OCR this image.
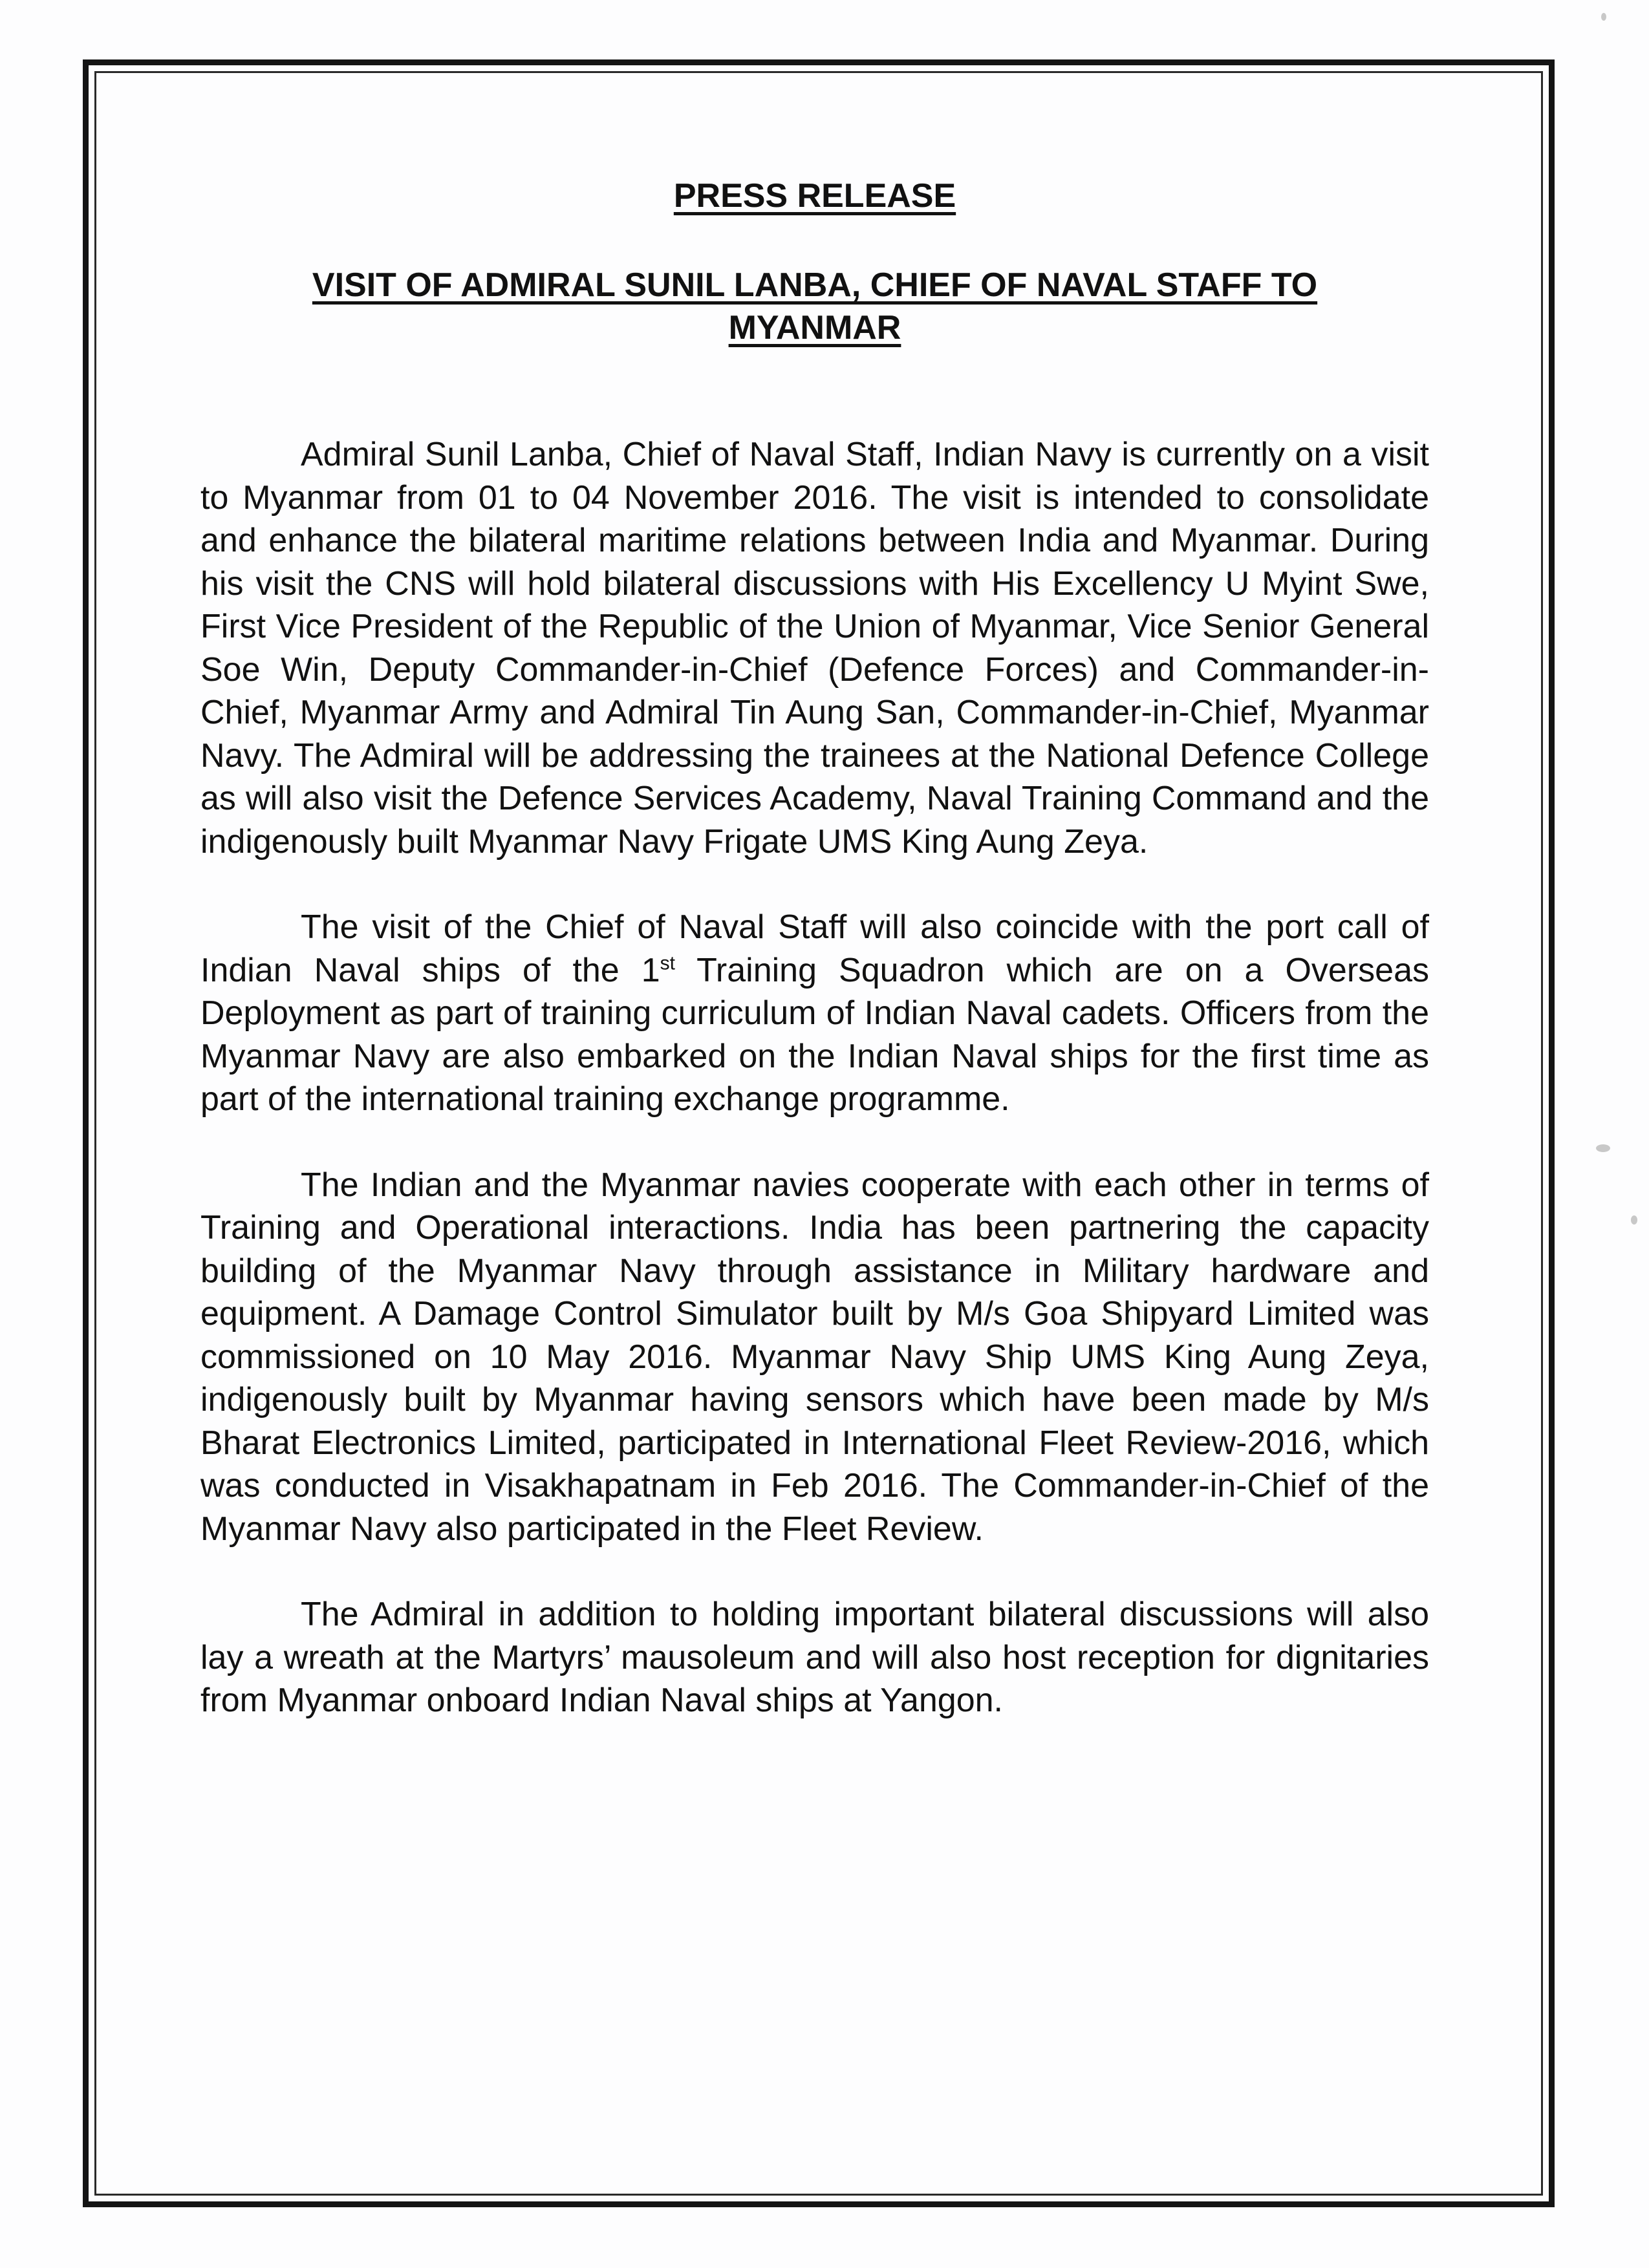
PRESS RELEASE
VISIT OF ADMIRAL SUNIL LANBA, CHIEF OF NAVAL STAFF TO MYANMAR

Admiral Sunil Lanba, Chief of Naval Staff, Indian Navy is currently on a visit to Myanmar from 01 to 04 November 2016. The visit is intended to consolidate and enhance the bilateral maritime relations between India and Myanmar. During his visit the CNS will hold bilateral discussions with His Excellency U Myint Swe, First Vice President of the Republic of the Union of Myanmar, Vice Senior General Soe Win, Deputy Commander-in-Chief (Defence Forces) and Commander-in-Chief, Myanmar Army and Admiral Tin Aung San, Commander-in-Chief, Myanmar Navy. The Admiral will be addressing the trainees at the National Defence College as will also visit the Defence Services Academy, Naval Training Command and the indigenously built Myanmar Navy Frigate UMS King Aung Zeya.

The visit of the Chief of Naval Staff will also coincide with the port call of Indian Naval ships of the 1st Training Squadron which are on a Overseas Deployment as part of training curriculum of Indian Naval cadets. Officers from the Myanmar Navy are also embarked on the Indian Naval ships for the first time as part of the international training exchange programme.

The Indian and the Myanmar navies cooperate with each other in terms of Training and Operational interactions. India has been partnering the capacity building of the Myanmar Navy through assistance in Military hardware and equipment. A Damage Control Simulator built by M/s Goa Shipyard Limited was commissioned on 10 May 2016. Myanmar Navy Ship UMS King Aung Zeya, indigenously built by Myanmar having sensors which have been made by M/s Bharat Electronics Limited, participated in International Fleet Review-2016, which was conducted in Visakhapatnam in Feb 2016. The Commander-in-Chief of the Myanmar Navy also participated in the Fleet Review.

The Admiral in addition to holding important bilateral discussions will also lay a wreath at the Martyrs’ mausoleum and will also host reception for dignitaries from Myanmar onboard Indian Naval ships at Yangon.
